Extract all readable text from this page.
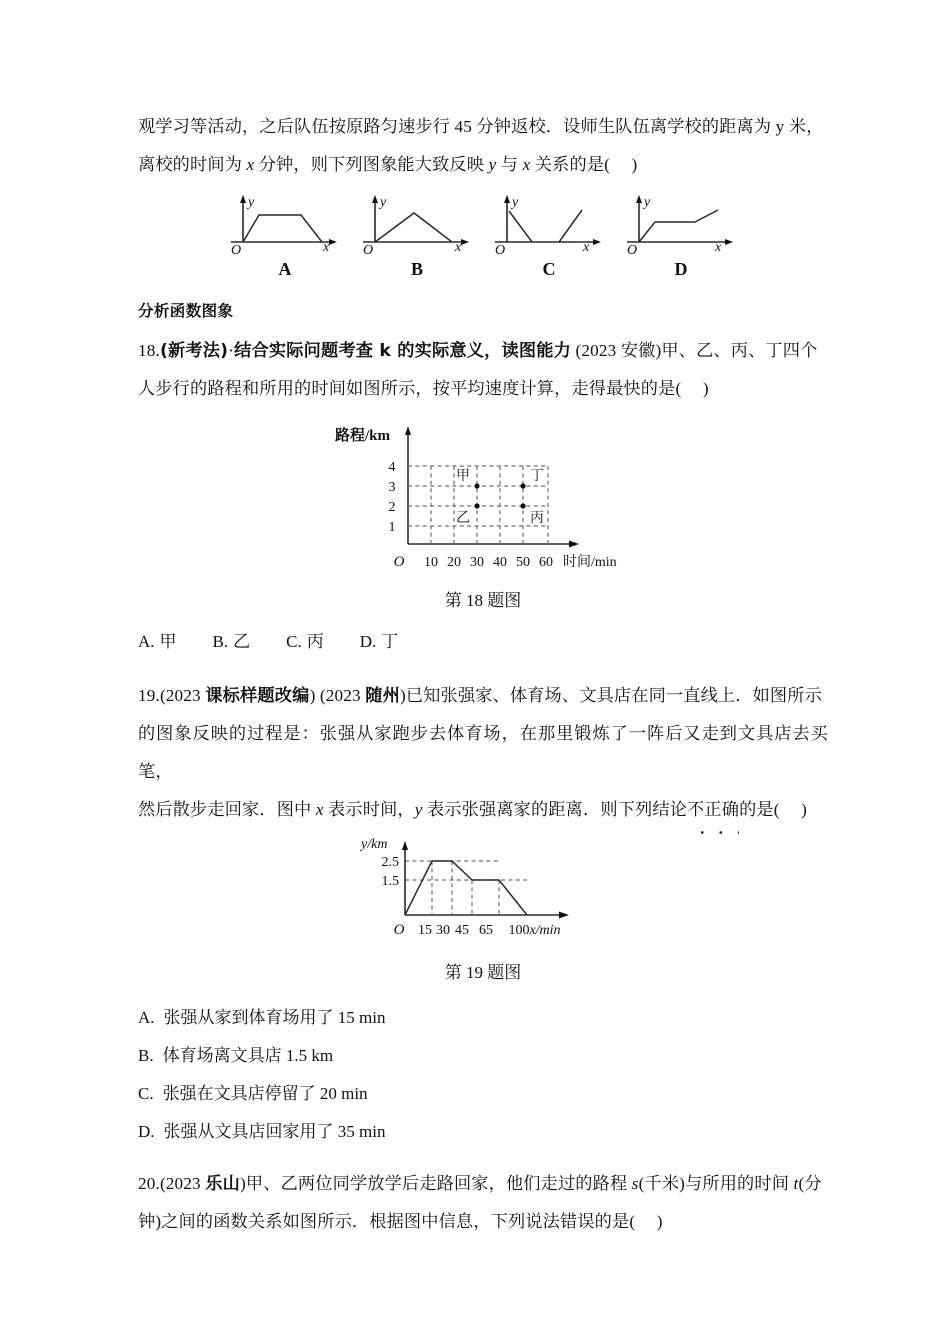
观学习等活动，之后队伍按原路匀速步行 45 分钟返校．设师生队伍离学校的距离为 y 米，
离校的时间为 x 分钟，则下列图象能大致反映 y 与 x 关系的是( )
y
x
O
A
y
x
O
B
y
x
O
C
y
x
O
D
分析函数图象
18.(新考法)·结合实际问题考查 k 的实际意义，读图能力 (2023 安徽)甲、乙、丙、丁四个
人步行的路程和所用的时间如图所示，按平均速度计算，走得最快的是( )
路程/km
1
2
3
4
O 10 20 30 40 50 60 时间/min
甲
乙
丁
丙
第 18 题图
A. 甲 B. 乙 C. 丙 D. 丁
19.(2023 课标样题改编) (2023 随州)已知张强家、体育场、文具店在同一直线上．如图所示
的图象反映的过程是：张强从家跑步去体育场，在那里锻炼了一阵后又走到文具店去买笔，
然后散步走回家．图中 x 表示时间，y 表示张强离家的距离．则下列结论不正确的是( )
y/km
2.5
1.5
O 15 30 45 65 100 x/min
第 19 题图
A. 张强从家到体育场用了 15 min
B. 体育场离文具店 1.5 km
C. 张强在文具店停留了 20 min
D. 张强从文具店回家用了 35 min
20.(2023 乐山)甲、乙两位同学放学后走路回家，他们走过的路程 s(千米)与所用的时间 t(分
钟)之间的函数关系如图所示．根据图中信息，下列说法错误的是( )
